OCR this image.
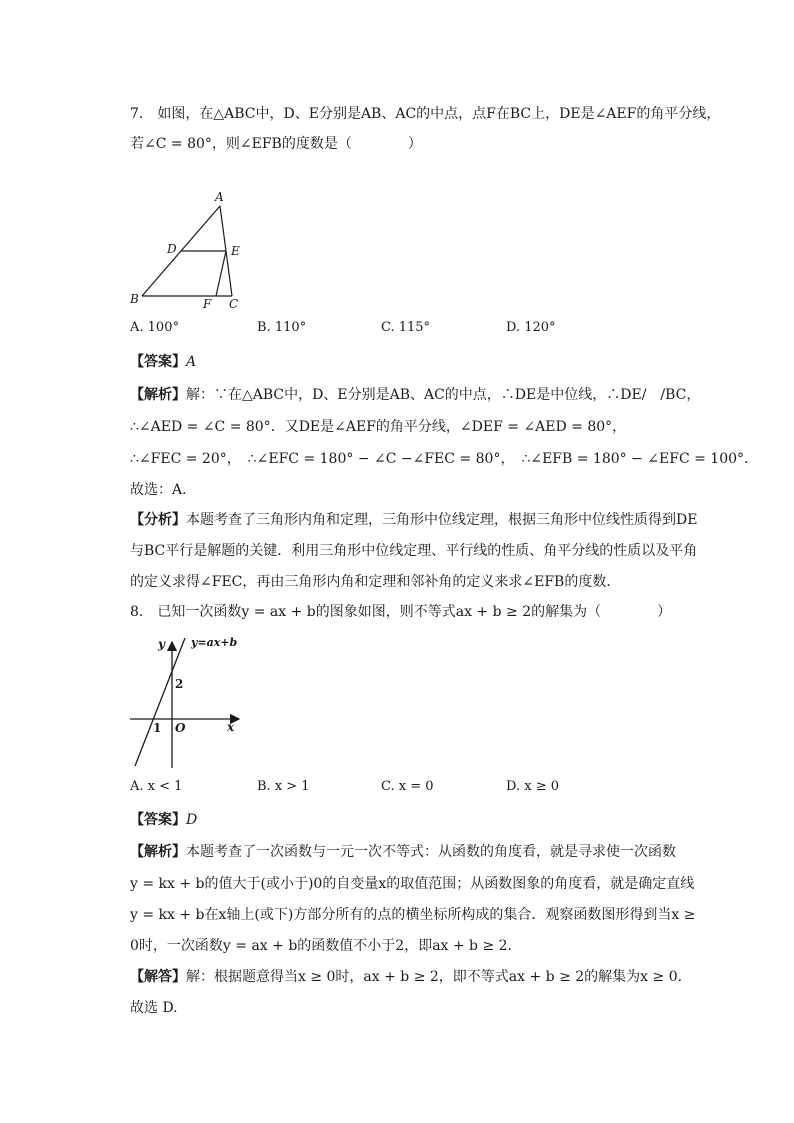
7.　如图，在△ABC中，D、E分别是AB、AC的中点，点F在BC上，DE是∠AEF的角平分线，
若∠C = 80°，则∠EFB的度数是（　　　　）
A
B	C
D	E
F
A. 100°	B. 110°	C. 115°	D. 120°
【答案】A
【解析】解：∵在△ABC中，D、E分别是AB、AC的中点，∴DE是中位线，∴DE/　/BC，
∴∠AED = ∠C = 80°．又DE是∠AEF的角平分线，∠DEF = ∠AED = 80°，
∴∠FEC = 20°，　∴∠EFC = 180° − ∠C −∠FEC = 80°，　∴∠EFB = 180° − ∠EFC = 100°．
故选：A．
【分析】本题考查了三角形内角和定理，三角形中位线定理，根据三角形中位线性质得到DE
与BC平行是解题的关键．利用三角形中位线定理、平行线的性质、角平分线的性质以及平角
的定义求得∠FEC，再由三角形内角和定理和邻补角的定义来求∠EFB的度数．
8.　已知一次函数y = ax + b的图象如图，则不等式ax + b ≥ 2的解集为（　　　　）
y y=ax+b
2
1 O	x
A. x < 1	B. x > 1	C. x = 0	D. x ≥ 0
【答案】D
【解析】本题考查了一次函数与一元一次不等式：从函数的角度看，就是寻求使一次函数
y = kx + b的值大于(或小于)0的自变量x的取值范围；从函数图象的角度看，就是确定直线
y = kx + b在x轴上(或下)方部分所有的点的横坐标所构成的集合．观察函数图形得到当x ≥
0时，一次函数y = ax + b的函数值不小于2，即ax + b ≥ 2．
【解答】解：根据题意得当x ≥ 0时，ax + b ≥ 2，即不等式ax + b ≥ 2的解集为x ≥ 0．
故选 D.
